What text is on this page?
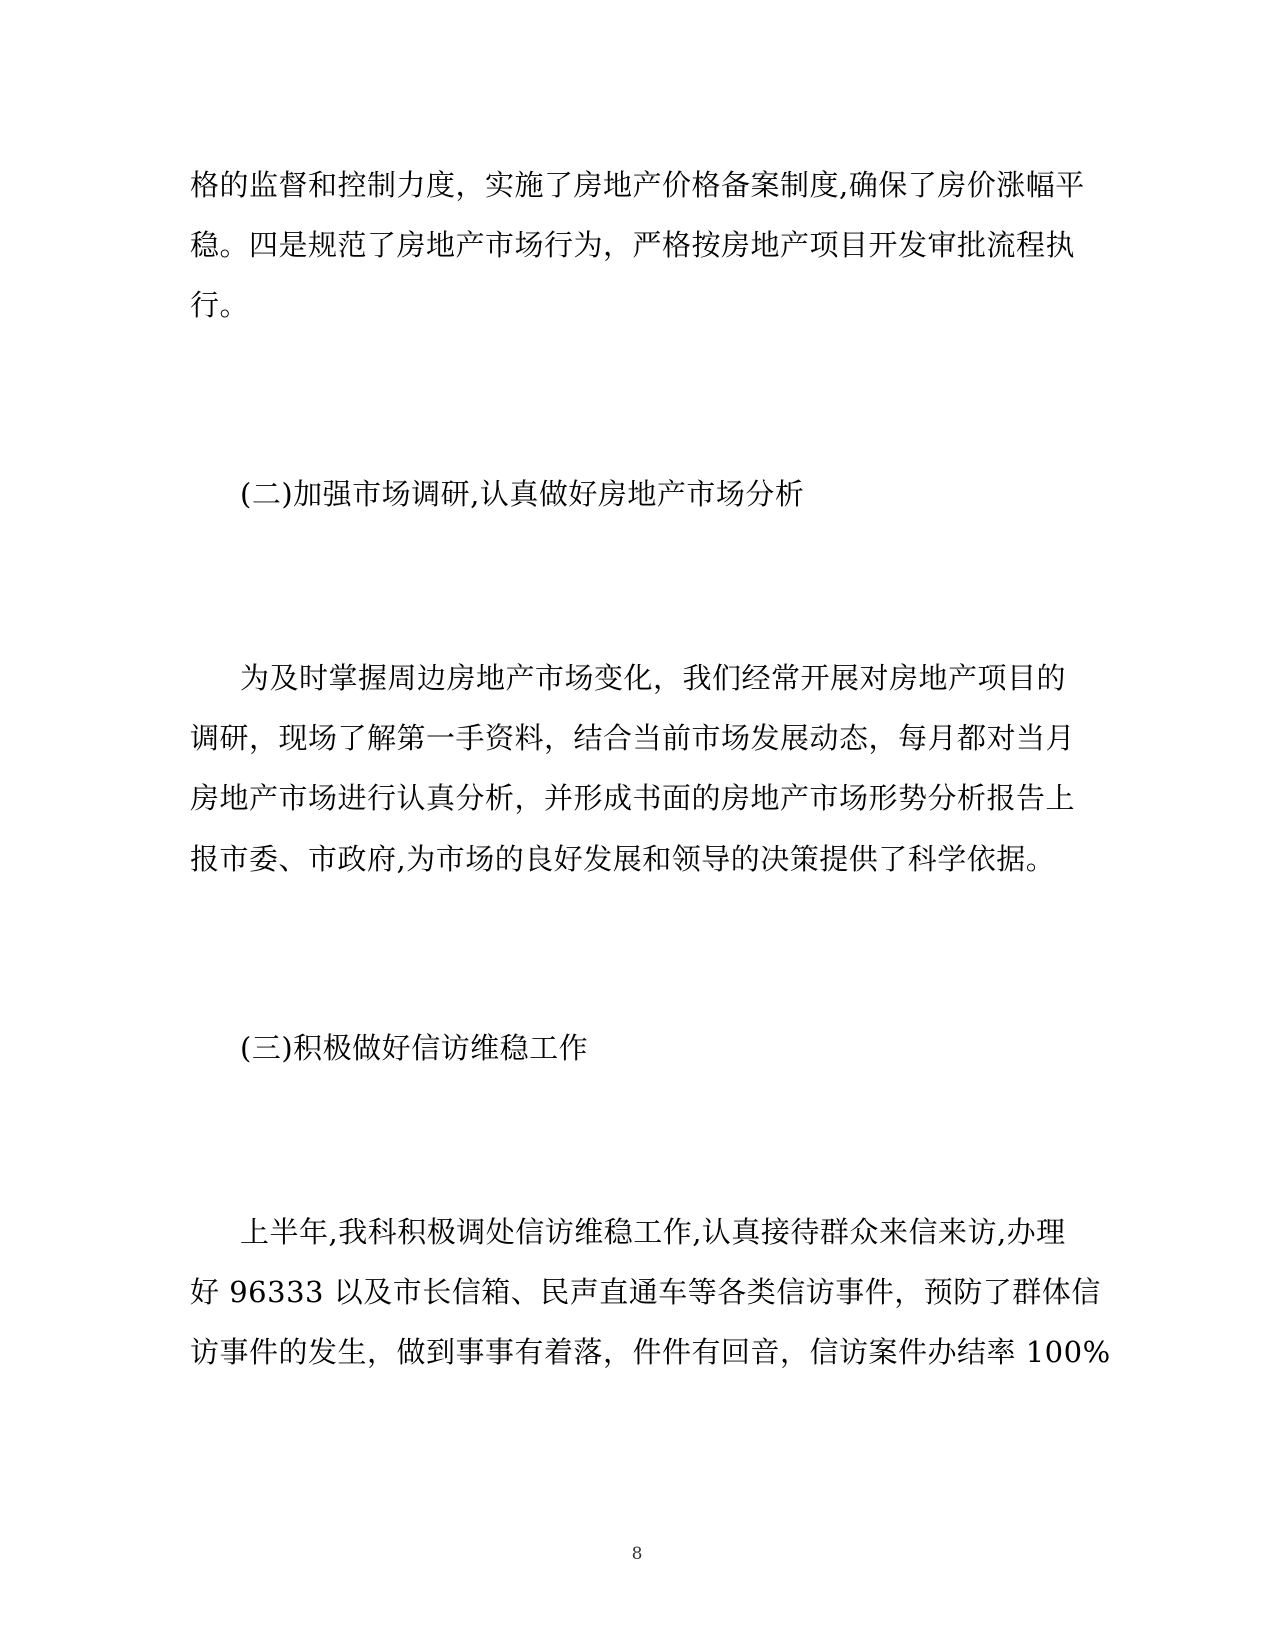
格的监督和控制力度，实施了房地产价格备案制度,确保了房价涨幅平
稳。四是规范了房地产市场行为，严格按房地产项目开发审批流程执
行。
(二)加强市场调研,认真做好房地产市场分析
为及时掌握周边房地产市场变化，我们经常开展对房地产项目的
调研，现场了解第一手资料，结合当前市场发展动态，每月都对当月
房地产市场进行认真分析，并形成书面的房地产市场形势分析报告上
报市委、市政府,为市场的良好发展和领导的决策提供了科学依据。
(三)积极做好信访维稳工作
上半年,我科积极调处信访维稳工作,认真接待群众来信来访,办理
好 96333 以及市长信箱、民声直通车等各类信访事件，预防了群体信
访事件的发生，做到事事有着落，件件有回音，信访案件办结率 100%
8
